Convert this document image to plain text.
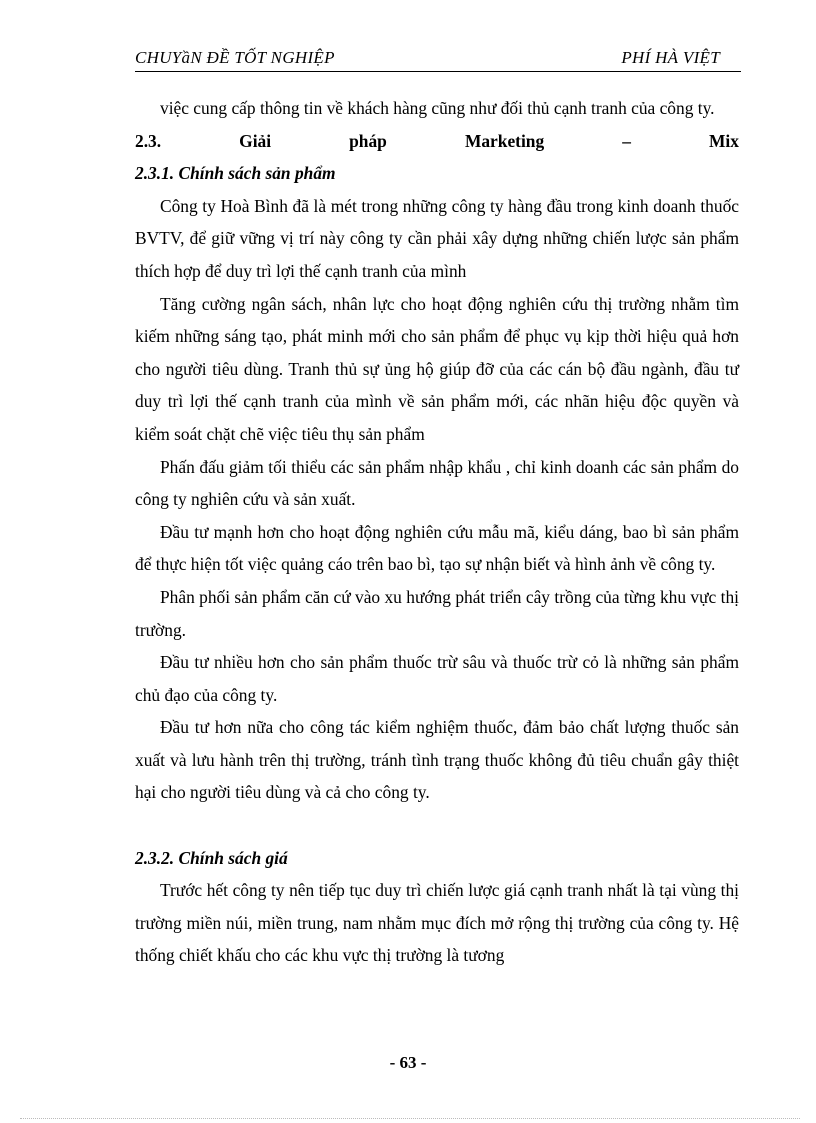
CHUYầN ĐỀ TỐT NGHIỆP	PHÍ HÀ VIỆT

việc cung cấp thông tin về khách hàng cũng như đối thủ cạnh tranh của công ty.

2.3.	Giải	pháp	Marketing	–	Mix

2.3.1. Chính sách sản phẩm

Công ty Hoà Bình đã là mét trong những công ty hàng đầu trong kinh doanh thuốc BVTV, để giữ vững vị trí này công ty cần phải xây dựng những chiến lược sản phẩm thích hợp để duy trì lợi thế cạnh tranh của mình

Tăng cường ngân sách, nhân lực cho hoạt động nghiên cứu thị trường nhằm tìm kiếm những sáng tạo, phát minh mới cho sản phẩm để phục vụ kịp thời hiệu quả hơn cho người tiêu dùng. Tranh thủ sự ủng hộ giúp đỡ của các cán bộ đầu ngành, đầu tư duy trì lợi thế cạnh tranh của mình về sản phẩm mới, các nhãn hiệu độc quyền và kiểm soát chặt chẽ việc tiêu thụ sản phẩm

Phấn đấu giảm tối thiểu các sản phẩm nhập khẩu , chỉ kinh doanh các sản phẩm do công ty nghiên cứu và sản xuất.

Đầu tư mạnh hơn cho hoạt động nghiên cứu mẫu mã, kiểu dáng, bao bì sản phẩm để thực hiện tốt việc quảng cáo trên bao bì, tạo sự nhận biết và hình ảnh về công ty.

Phân phối sản phẩm căn cứ vào xu hướng phát triển cây trồng của từng khu vực thị trường.

Đầu tư nhiều hơn cho sản phẩm thuốc trừ sâu và thuốc trừ cỏ là những sản phẩm chủ đạo của công ty.

Đầu tư hơn nữa cho công tác kiểm nghiệm thuốc, đảm bảo chất lượng thuốc sản xuất và lưu hành trên thị trường, tránh tình trạng thuốc không đủ tiêu chuẩn gây thiệt hại cho người tiêu dùng và cả cho công ty.

2.3.2. Chính sách giá

Trước hết công ty nên tiếp tục duy trì chiến lược giá cạnh tranh nhất là tại vùng thị trường miền núi, miền trung, nam nhằm mục đích mở rộng thị trường của công ty. Hệ thống chiết khấu cho các khu vực thị trường là tương

- 63 -
